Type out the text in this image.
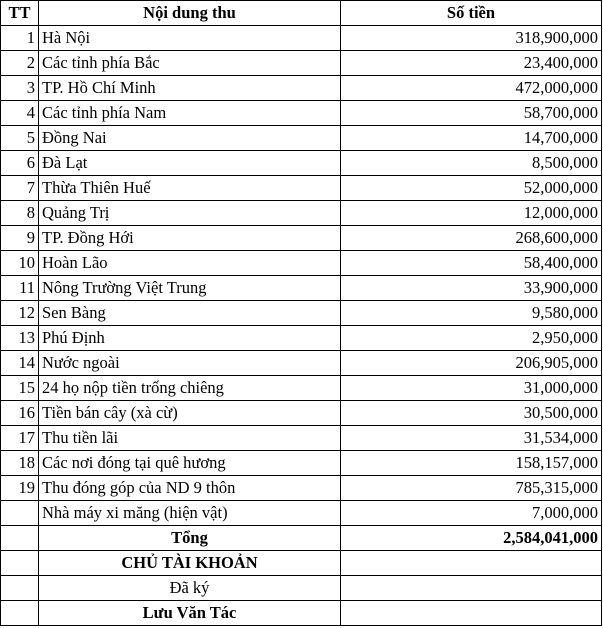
TT	Nội dung thu	Số tiền
1	Hà Nội	318,900,000
2	Các tỉnh phía Bắc	23,400,000
3	TP. Hồ Chí Minh	472,000,000
4	Các tỉnh phía Nam	58,700,000
5	Đồng Nai	14,700,000
6	Đà Lạt	8,500,000
7	Thừa Thiên Huế	52,000,000
8	Quảng Trị	12,000,000
9	TP. Đồng Hới	268,600,000
10	Hoàn Lão	58,400,000
11	Nông Trường Việt Trung	33,900,000
12	Sen Bàng	9,580,000
13	Phú Định	2,950,000
14	Nước ngoài	206,905,000
15	24 họ nộp tiền trống chiêng	31,000,000
16	Tiền bán cây (xà cừ)	30,500,000
17	Thu tiền lãi	31,534,000
18	Các nơi đóng tại quê hương	158,157,000
19	Thu đóng góp của ND 9 thôn	785,315,000
	Nhà máy xi măng (hiện vật)	7,000,000
	Tổng	2,584,041,000
	CHỦ TÀI KHOẢN	
	Đã ký	
	Lưu Văn Tác	
